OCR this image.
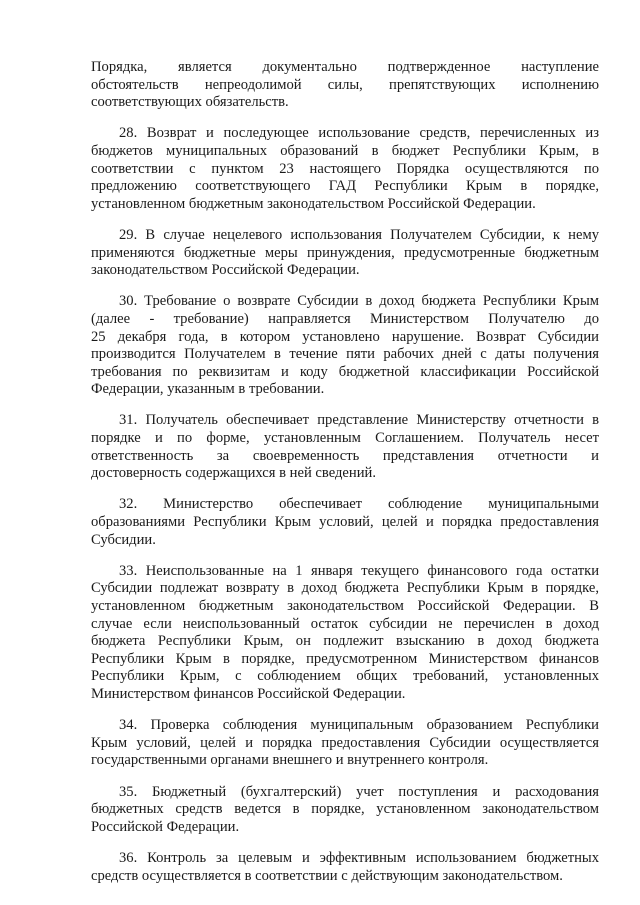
Порядка, является документально подтвержденное наступление
обстоятельств непреодолимой силы, препятствующих исполнению
соответствующих обязательств.
28. Возврат и последующее использование средств, перечисленных из
бюджетов муниципальных образований в бюджет Республики Крым, в
соответствии с пунктом 23 настоящего Порядка осуществляются по
предложению соответствующего ГАД Республики Крым в порядке,
установленном бюджетным законодательством Российской Федерации.
29. В случае нецелевого использования Получателем Субсидии, к нему
применяются бюджетные меры принуждения, предусмотренные бюджетным
законодательством Российской Федерации.
30. Требование о возврате Субсидии в доход бюджета Республики Крым
(далее - требование) направляется Министерством Получателю до
25 декабря года, в котором установлено нарушение. Возврат Субсидии
производится Получателем в течение пяти рабочих дней с даты получения
требования по реквизитам и коду бюджетной классификации Российской
Федерации, указанным в требовании.
31. Получатель обеспечивает представление Министерству отчетности в
порядке и по форме, установленным Соглашением. Получатель несет
ответственность за своевременность представления отчетности и
достоверность содержащихся в ней сведений.
32. Министерство обеспечивает соблюдение муниципальными
образованиями Республики Крым условий, целей и порядка предоставления
Субсидии.
33. Неиспользованные на 1 января текущего финансового года остатки
Субсидии подлежат возврату в доход бюджета Республики Крым в порядке,
установленном бюджетным законодательством Российской Федерации. В
случае если неиспользованный остаток субсидии не перечислен в доход
бюджета Республики Крым, он подлежит взысканию в доход бюджета
Республики Крым в порядке, предусмотренном Министерством финансов
Республики Крым, с соблюдением общих требований, установленных
Министерством финансов Российской Федерации.
34. Проверка соблюдения муниципальным образованием Республики
Крым условий, целей и порядка предоставления Субсидии осуществляется
государственными органами внешнего и внутреннего контроля.
35. Бюджетный (бухгалтерский) учет поступления и расходования
бюджетных средств ведется в порядке, установленном законодательством
Российской Федерации.
36. Контроль за целевым и эффективным использованием бюджетных
средств осуществляется в соответствии с действующим законодательством.
